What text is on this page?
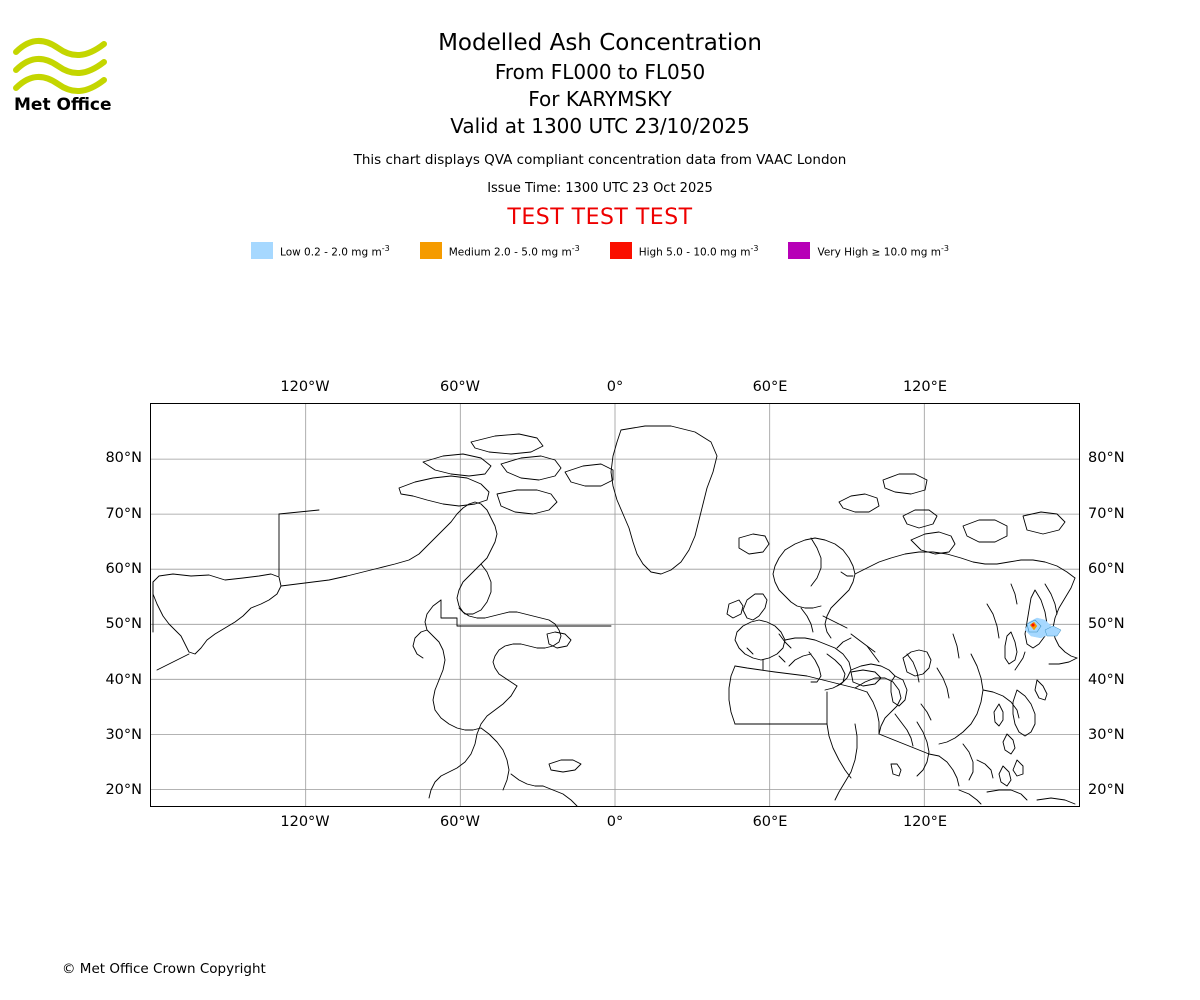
Met Office
Modelled Ash Concentration
From FL000 to FL050
For KARYMSKY
Valid at 1300 UTC 23/10/2025
This chart displays QVA compliant concentration data from VAAC London
Issue Time: 1300 UTC 23 Oct 2025
TEST TEST TEST
Low 0.2 - 2.0 mg $m^{-3}$	Medium 2.0 - 5.0 mg $m^{-3}$	High 5.0 - 10.0 mg $m^{-3}$	Very High ≥ 10.0 mg $m^{-3}$
120°W
120°W
60°W
60°W
0°
0°
60°E
60°E
120°E
120°E
80°N	80°N
70°N	70°N
60°N	60°N
50°N	50°N
40°N	40°N
30°N	30°N
20°N	20°N
© Met Office Crown Copyright
